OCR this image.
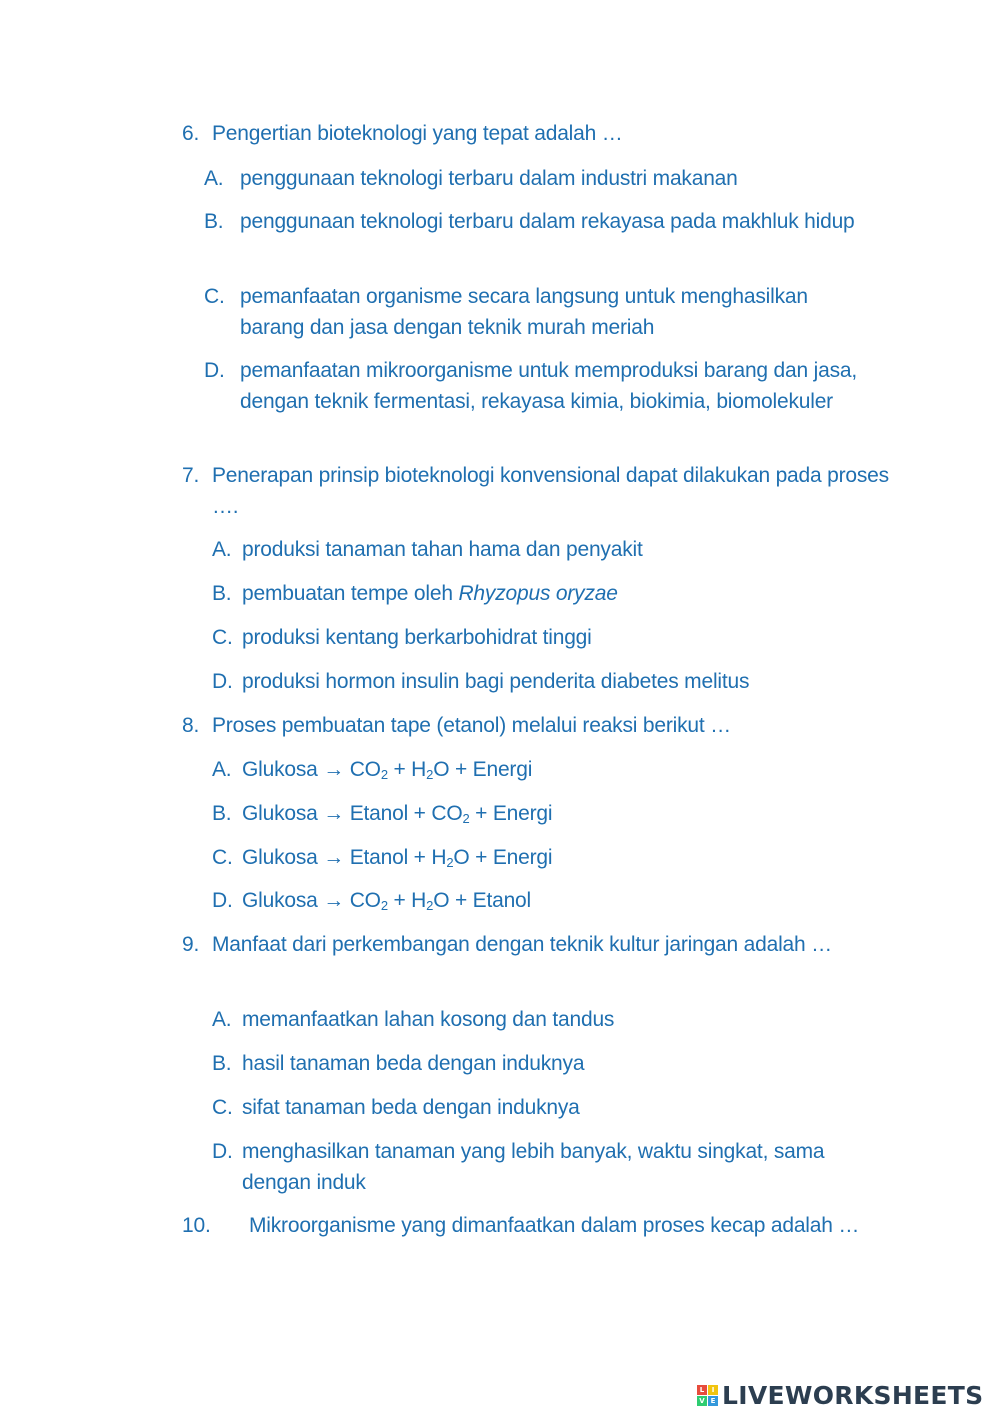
6. Pengertian bioteknologi yang tepat adalah …
A. penggunaan teknologi terbaru dalam industri makanan
B. penggunaan teknologi terbaru dalam rekayasa pada makhluk hidup
C. pemanfaatan organisme secara langsung untuk menghasilkan barang dan jasa dengan teknik murah meriah
D. pemanfaatan mikroorganisme untuk memproduksi barang dan jasa, dengan teknik fermentasi, rekayasa kimia, biokimia, biomolekuler
7. Penerapan prinsip bioteknologi konvensional dapat dilakukan pada proses ….
A. produksi tanaman tahan hama dan penyakit
B. pembuatan tempe oleh Rhyzopus oryzae
C. produksi kentang berkarbohidrat tinggi
D. produksi hormon insulin bagi penderita diabetes melitus
8. Proses pembuatan tape (etanol) melalui reaksi berikut …
A. Glukosa → $CO_2 + H_2O$ + Energi
B. Glukosa → Etanol + $CO_2$ + Energi
C. Glukosa → Etanol + $H_2O$ + Energi
D. Glukosa → $CO_2 + H_2O$ + Etanol
9. Manfaat dari perkembangan dengan teknik kultur jaringan adalah …
A. memanfaatkan lahan kosong dan tandus
B. hasil tanaman beda dengan induknya
C. sifat tanaman beda dengan induknya
D. menghasilkan tanaman yang lebih banyak, waktu singkat, sama dengan induk
10.	Mikroorganisme yang dimanfaatkan dalam proses kecap adalah …
L	I
V E LIVEWORKSHEETS
